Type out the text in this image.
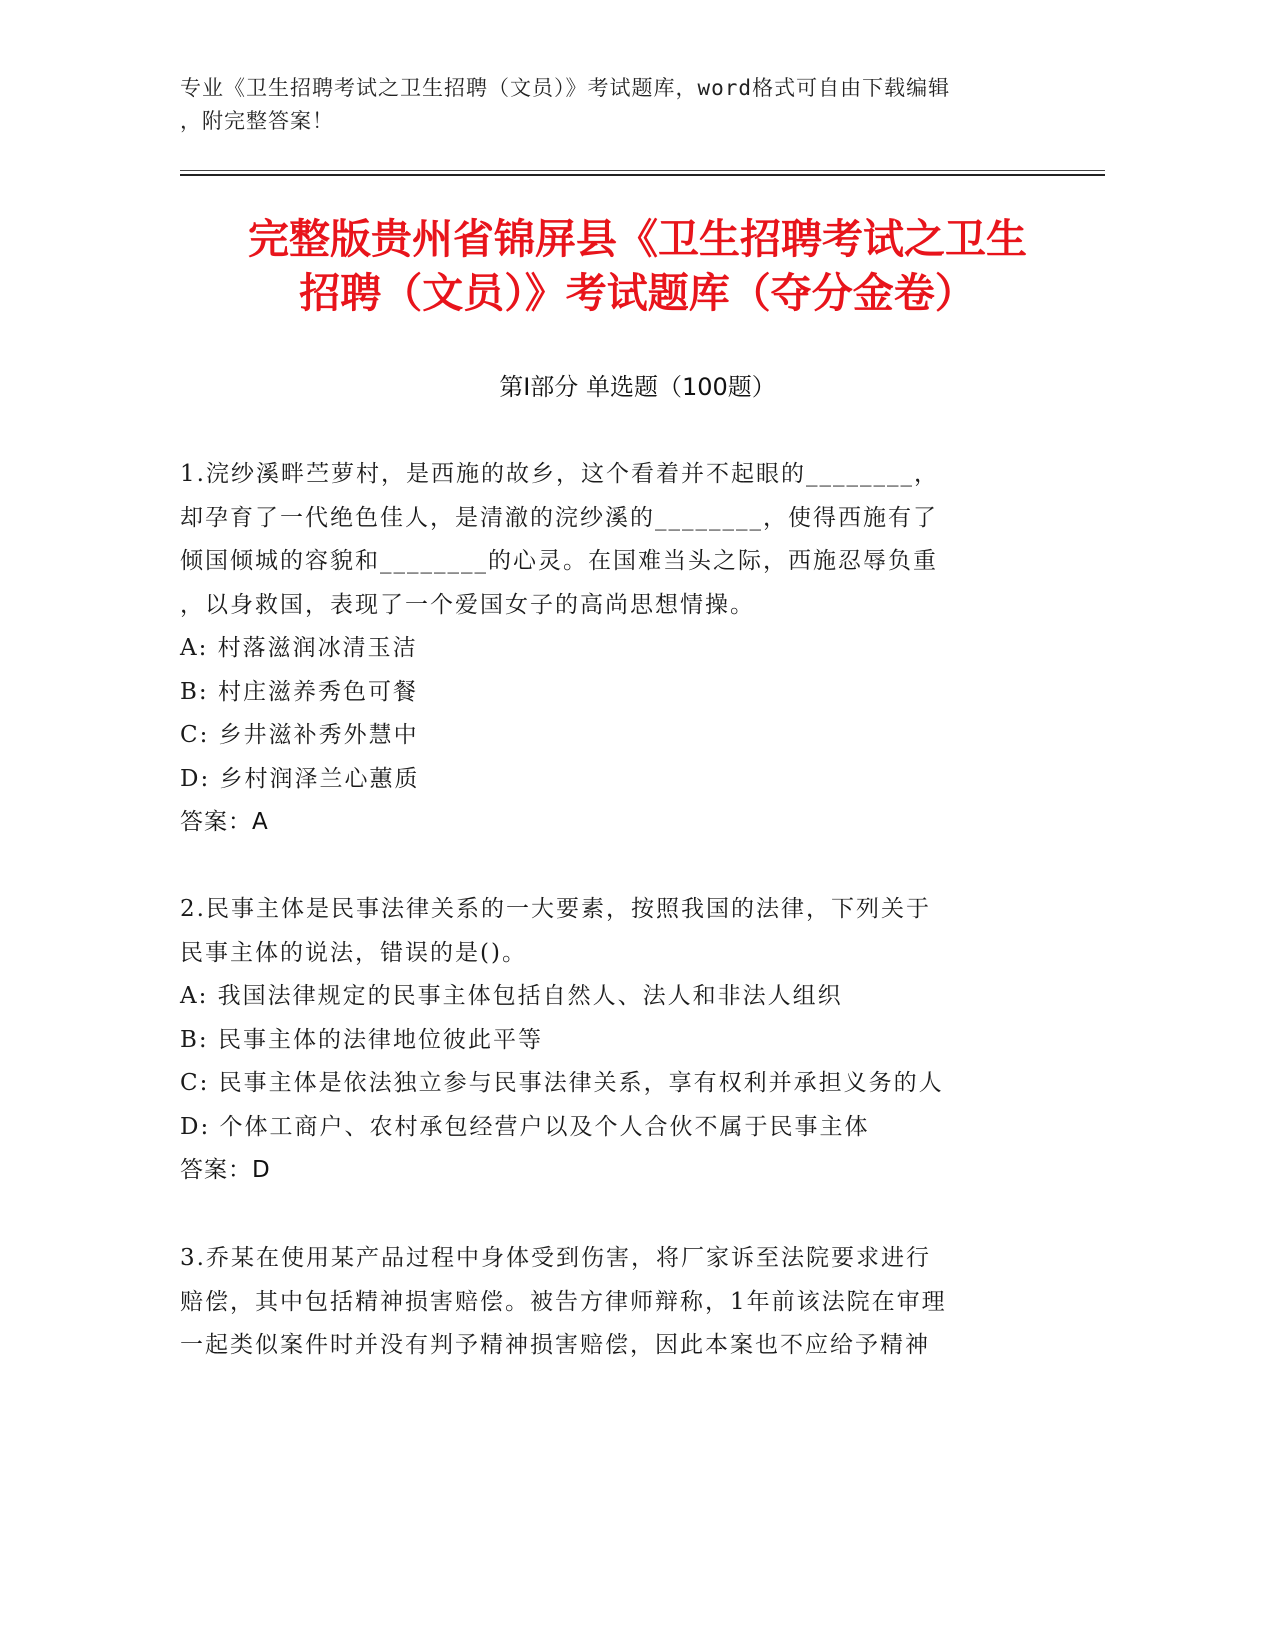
专业《卫生招聘考试之卫生招聘（文员）》考试题库，word格式可自由下载编辑
，附完整答案！
完整版贵州省锦屏县《卫生招聘考试之卫生
招聘（文员）》考试题库（夺分金卷）
第Ⅰ部分 单选题（100题）
1.浣纱溪畔苎萝村，是西施的故乡，这个看着并不起眼的________，
却孕育了一代绝色佳人，是清澈的浣纱溪的________，使得西施有了
倾国倾城的容貌和________的心灵。在国难当头之际，西施忍辱负重
，以身救国，表现了一个爱国女子的高尚思想情操。
A: 村落滋润冰清玉洁
B: 村庄滋养秀色可餐
C: 乡井滋补秀外慧中
D: 乡村润泽兰心蕙质
答案：A
2.民事主体是民事法律关系的一大要素，按照我国的法律，下列关于
民事主体的说法，错误的是()。
A: 我国法律规定的民事主体包括自然人、法人和非法人组织
B: 民事主体的法律地位彼此平等
C: 民事主体是依法独立参与民事法律关系，享有权利并承担义务的人
D: 个体工商户、农村承包经营户以及个人合伙不属于民事主体
答案：D
3.乔某在使用某产品过程中身体受到伤害，将厂家诉至法院要求进行
赔偿，其中包括精神损害赔偿。被告方律师辩称，1年前该法院在审理
一起类似案件时并没有判予精神损害赔偿，因此本案也不应给予精神
